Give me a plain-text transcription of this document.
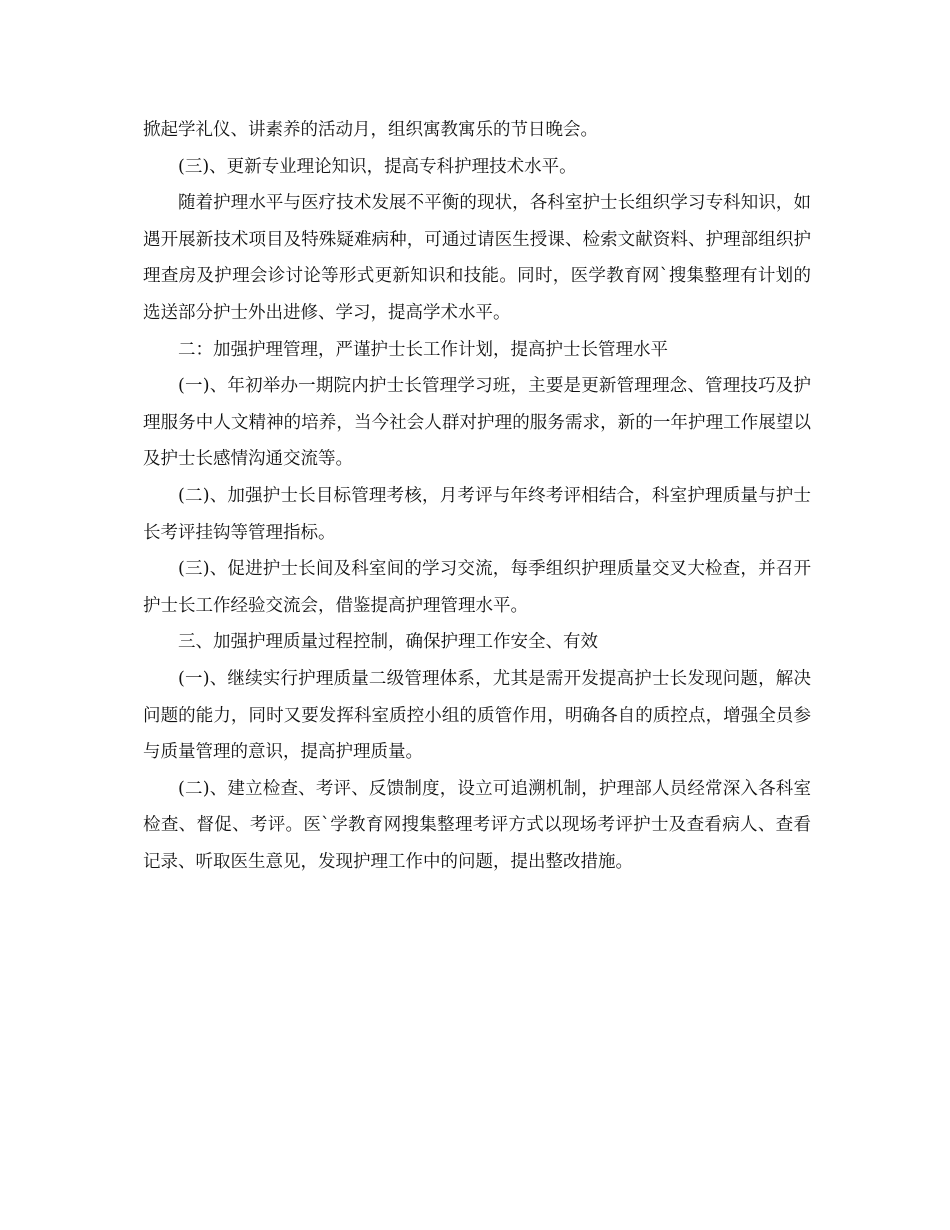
掀起学礼仪、讲素养的活动月，组织寓教寓乐的节日晚会。

(三)、更新专业理论知识，提高专科护理技术水平。

随着护理水平与医疗技术发展不平衡的现状，各科室护士长组织学习专科知识，如遇开展新技术项目及特殊疑难病种，可通过请医生授课、检索文献资料、护理部组织护理查房及护理会诊讨论等形式更新知识和技能。同时，医学教育网`搜集整理有计划的选送部分护士外出进修、学习，提高学术水平。

二：加强护理管理，严谨护士长工作计划，提高护士长管理水平

(一)、年初举办一期院内护士长管理学习班，主要是更新管理理念、管理技巧及护理服务中人文精神的培养，当今社会人群对护理的服务需求，新的一年护理工作展望以及护士长感情沟通交流等。

(二)、加强护士长目标管理考核，月考评与年终考评相结合，科室护理质量与护士长考评挂钩等管理指标。

(三)、促进护士长间及科室间的学习交流，每季组织护理质量交叉大检查，并召开护士长工作经验交流会，借鉴提高护理管理水平。

三、加强护理质量过程控制，确保护理工作安全、有效

(一)、继续实行护理质量二级管理体系，尤其是需开发提高护士长发现问题，解决问题的能力，同时又要发挥科室质控小组的质管作用，明确各自的质控点，增强全员参与质量管理的意识，提高护理质量。

(二)、建立检查、考评、反馈制度，设立可追溯机制，护理部人员经常深入各科室检查、督促、考评。医`学教育网搜集整理考评方式以现场考评护士及查看病人、查看记录、听取医生意见，发现护理工作中的问题，提出整改措施。
